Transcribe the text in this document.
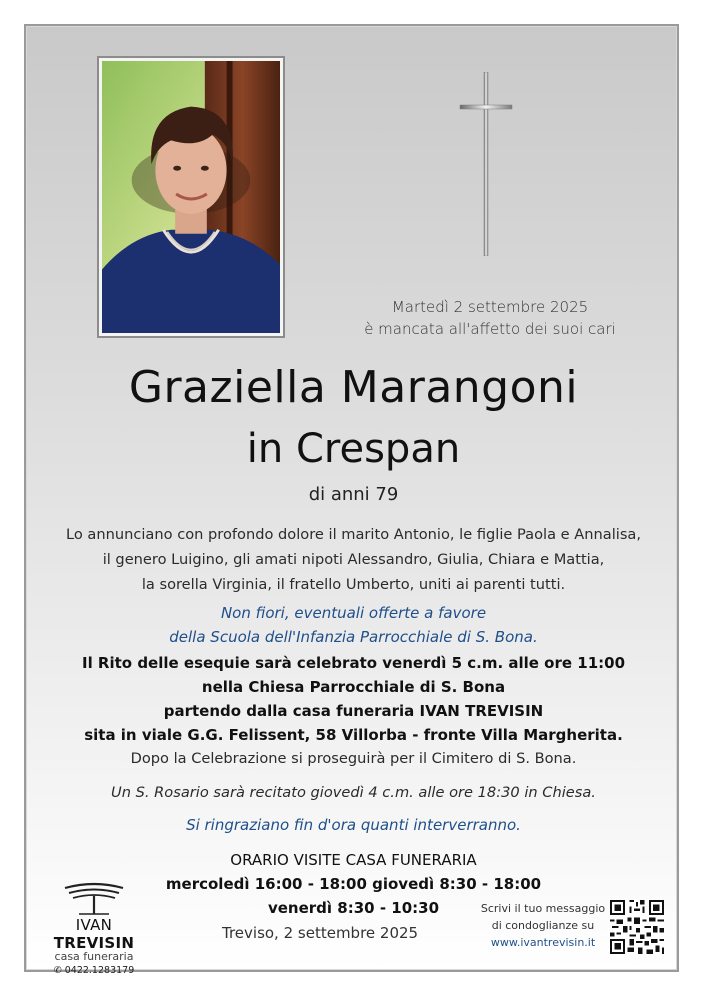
Martedì 2 settembre 2025
è mancata all'affetto dei suoi cari
Graziella Marangoni
in Crespan
di anni 79
Lo annunciano con profondo dolore il marito Antonio, le figlie Paola e Annalisa,
il genero Luigino, gli amati nipoti Alessandro, Giulia, Chiara e Mattia,
la sorella Virginia, il fratello Umberto, uniti ai parenti tutti.
Non fiori, eventuali offerte a favore
della Scuola dell'Infanzia Parrocchiale di S. Bona.
Il Rito delle esequie sarà celebrato venerdì 5 c.m. alle ore 11:00
nella Chiesa Parrocchiale di S. Bona
partendo dalla casa funeraria IVAN TREVISIN
sita in viale G.G. Felissent, 58 Villorba - fronte Villa Margherita.
Dopo la Celebrazione si proseguirà per il Cimitero di S. Bona.
Un S. Rosario sarà recitato giovedì 4 c.m. alle ore 18:30 in Chiesa.
Si ringraziano fin d'ora quanti interverranno.
ORARIO VISITE CASA FUNERARIA
mercoledì 16:00 - 18:00 giovedì 8:30 - 18:00
venerdì 8:30 - 10:30
Treviso, 2 settembre 2025
IVAN TREVISIN
casa funeraria
✆ 0422.1283179
Scrivi il tuo messaggio
di condoglianze su
www.ivantrevisin.it
